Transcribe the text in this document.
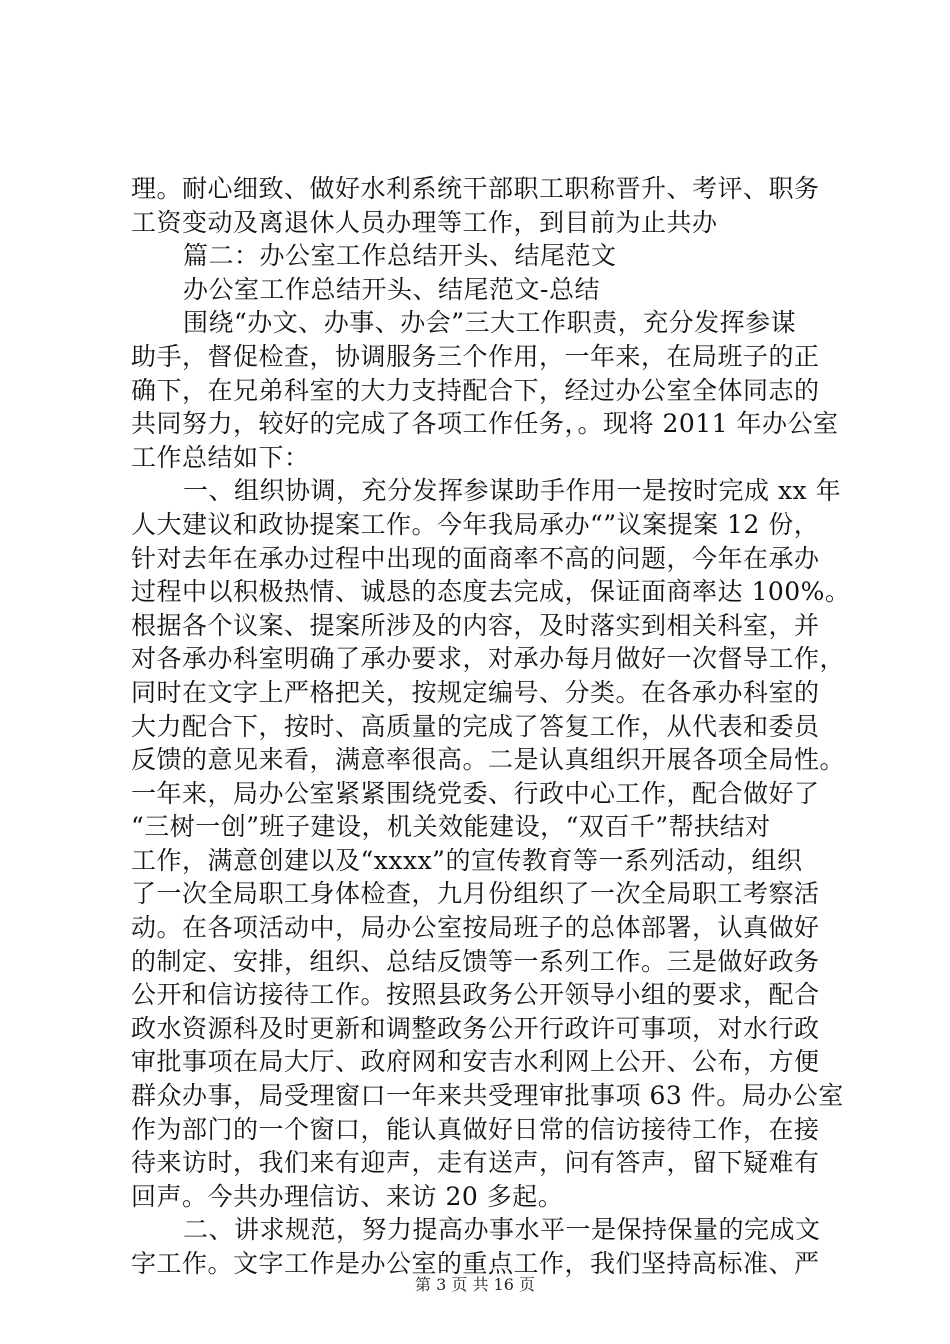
理。耐心细致、做好水利系统干部职工职称晋升、考评、职务
工资变动及离退休人员办理等工作，到目前为止共办
篇二：办公室工作总结开头、结尾范文
办公室工作总结开头、结尾范文-总结
围绕“办文、办事、办会”三大工作职责，充分发挥参谋
助手，督促检查，协调服务三个作用，一年来，在局班子的正
确下，在兄弟科室的大力支持配合下，经过办公室全体同志的
共同努力，较好的完成了各项工作任务，。现将 2011 年办公室
工作总结如下：
一、组织协调，充分发挥参谋助手作用一是按时完成 xx 年
人大建议和政协提案工作。今年我局承办“”议案提案 12 份，
针对去年在承办过程中出现的面商率不高的问题，今年在承办
过程中以积极热情、诚恳的态度去完成，保证面商率达 100%。
根据各个议案、提案所涉及的内容，及时落实到相关科室，并
对各承办科室明确了承办要求，对承办每月做好一次督导工作，
同时在文字上严格把关，按规定编号、分类。在各承办科室的
大力配合下，按时、高质量的完成了答复工作，从代表和委员
反馈的意见来看，满意率很高。二是认真组织开展各项全局性。
一年来，局办公室紧紧围绕党委、行政中心工作，配合做好了
“三树一创”班子建设，机关效能建设，“双百千”帮扶结对
工作，满意创建以及“xxxx”的宣传教育等一系列活动，组织
了一次全局职工身体检查，九月份组织了一次全局职工考察活
动。在各项活动中，局办公室按局班子的总体部署，认真做好
的制定、安排，组织、总结反馈等一系列工作。三是做好政务
公开和信访接待工作。按照县政务公开领导小组的要求，配合
政水资源科及时更新和调整政务公开行政许可事项，对水行政
审批事项在局大厅、政府网和安吉水利网上公开、公布，方便
群众办事，局受理窗口一年来共受理审批事项 63 件。局办公室
作为部门的一个窗口，能认真做好日常的信访接待工作，在接
待来访时，我们来有迎声，走有送声，问有答声，留下疑难有
回声。今共办理信访、来访 20 多起。
二、讲求规范，努力提高办事水平一是保持保量的完成文
字工作。文字工作是办公室的重点工作，我们坚持高标准、严
第 3 页 共 16 页
